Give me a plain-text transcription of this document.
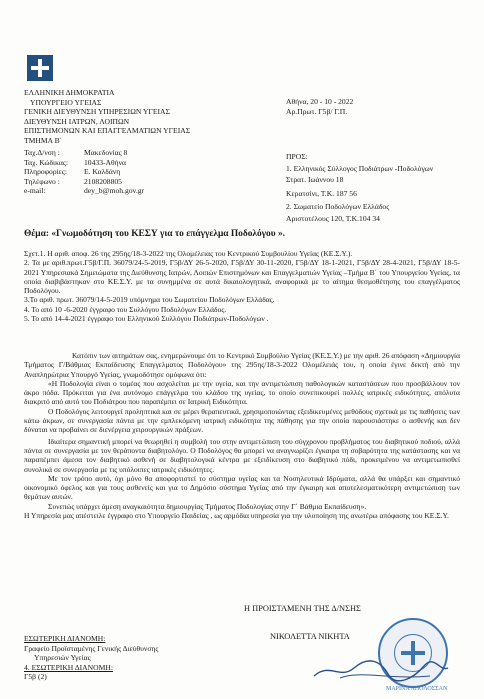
ΕΛΛΗΝΙΚΗ ΔΗΜΟΚΡΑΤΙΑ
ΥΠΟΥΡΓΕΙΟ ΥΓΕΙΑΣ
ΓΕΝΙΚΗ ΔΙΕΥΘΥΝΣΗ ΥΠΗΡΕΣΙΩΝ ΥΓΕΙΑΣ
ΔΙΕΥΘΥΝΣΗ ΙΑΤΡΩΝ, ΛΟΙΠΩΝ
ΕΠΙΣΤΗΜΟΝΩΝ ΚΑΙ ΕΠΑΓΓΕΛΜΑΤΙΩΝ ΥΓΕΙΑΣ
ΤΜΗΜΑ Β΄
Ταχ.Δ/νση :	Μακεδονίας 8
Ταχ. Κώδικας:	10433-Αθήνα
Πληροφορίες:	Ε. Καλδάνη
Τηλέφωνο :	2108208805
e-mail:	dey_b@moh.gov.gr
Αθήνα, 20 - 10 - 2022
Αρ.Πρωτ. Γ5β/ Γ.Π.
ΠΡΟΣ:
1. Ελληνικός Σύλλογος Ποδιάτρων -Ποδολόγων
Στρατ. Ιωάννου 18
Κερατσίνι, Τ.Κ. 187 56
2. Σωματείο Ποδολόγων Ελλάδος
Αριστοτέλους 120, Τ.Κ.104 34
Θέμα: «Γνωμοδότηση του ΚΕΣΥ για το επάγγελμα Ποδολόγου ».
Σχετ.1. Η αριθ. αποφ. 26 της 295ης/18-3-2022 της Ολομέλειας του Κεντρικού Συμβουλίου Υγείας (ΚΕ.Σ.Υ.).
2. Τα με αριθ.πρωτ.Γ5β/Γ.Π. 36079/24-5-2019, Γ5β/ΔΥ 26-5-2020, Γ5β/ΔΥ 30-11-2020, Γ5β/ΔΥ 18-1-2021, Γ5β/ΔΥ 28-4-2021, Γ5β/ΔΥ 18-5-2021 Υπηρεσιακά Σημειώματα της Διεύθυνσης Ιατρών, Λοιπών Επιστημόνων και Επαγγελματιών Υγείας –Τμήμα Β΄ του Υπουργείου Υγείας, τα οποία διαβιβάστηκαν στο ΚΕ.Σ.Υ. με τα συνημμένα σε αυτά δικαιολογητικά, αναφορικά με το αίτημα θεσμοθέτησης του επαγγέλματος Ποδολόγου.
3.Το αριθ. πρωτ. 36079/14-5-2019 υπόμνημα του Σωματείου Ποδολόγων Ελλάδας.
4. Το από 10 -6-2020 έγγραφο του Συλλόγου Ποδολόγων Ελλάδος.
5. Το από 14-4-2021 έγγραφο του Ελληνικού Συλλόγου Ποδιάτρων-Ποδολόγων .
Κατόπιν των αιτημάτων σας, ενημερώνουμε ότι το Κεντρικό Συμβούλιο Υγείας (ΚΕ.Σ.Υ.) με την αριθ. 26 απόφαση «Δημιουργία Τμήματος Γ/Βάθμιας Εκπαίδευσης Επαγγελματος Ποδολόγου» της 295ης/18-3-2022 Ολομέλειάς του, η οποία έγινε δεκτή από την Αναπληρώτρια Υπουργό Υγείας, γνωμοδότησε ομόφωνα ότι:
«Η Ποδολογία είναι ο τομέας που ασχολείται με την υγεία, και την αντιμετώπιση παθολογικών καταστάσεων που προσβάλλουν τον άκρο πόδα. Πρόκειται για ένα αυτόνομο επάγγελμα του κλάδου της υγείας, το οποίο συνεπικουρεί πολλές ιατρικές ειδικότητες, απόλυτα διακριτό από αυτό του Ποδιάτρου που παραπέμπει σε Ιατρική Ειδικότητα.
Ο Ποδολόγος λειτουργεί προληπτικά και σε μέρει θεραπευτικά, χρησιμοποιώντας εξειδικευμένες μεθόδους σχετικά με τις παθήσεις των κάτω άκρων, σε συνεργασία πάντα με την εμπλεκόμενη ιατρική ειδικότητα της πάθησης για την οποία παρουσιάστηκε ο ασθενής και δεν δύναται να προβαίνει σε διενέργεια χειρουργικών πράξεων.
Ιδιαίτερα σημαντική μπορεί να θεωρηθεί η συμβολή του στην αντιμετώπιση του σύγχρονου προβλήματος του διαβητικού ποδιού, αλλά πάντα σε συνεργασία με τον θεράποντα διαβητολόγο. Ο Ποδολόγος θα μπορεί να αναγνωρίζει έγκαιρα τη σοβαρότητα της κατάστασης και να παραπέμπει άμεσα τον διαβητικό ασθενή σε διαβητολογικά κέντρα με εξειδίκευση στο διαβητικό πόδι, προκειμένου να αντιμετωπισθεί συνολικά σε συνεργασία με τις υπόλοιπες ιατρικές ειδικότητες.
Με τον τρόπο αυτό, όχι μόνο θα αποφορτιστεί το σύστημα υγείας και τα Νοσηλευτικά Ιδρύματα, αλλά θα υπάρξει και σημαντικό οικονομικό όφελος και για τους ασθενείς και για το Δημόσιο σύστημα Υγείας από την έγκαιρη και αποτελεσματικότερη αντιμετώπιση των θεμάτων αυτών.
Συνεπώς υπάρχει άμεση αναγκαιότητα δημιουργίας Τμήματος Ποδολογίας στην Γ΄ Βάθμια Εκπαίδευση».
Η Υπηρεσία μας απέστειλε έγγραφο στο Υπουργείο Παιδείας , ως αρμόδια υπηρεσία για την υλοποίηση της ανωτέρω απόφασης του ΚΕ.Σ.Υ.
Η ΠΡΟΙΣΤΑΜΕΝΗ ΤΗΣ Δ/ΝΣΗΣ
ΝΙΚΟΛΕΤΤΑ ΝΙΚΗΤΑ
ΕΣΩΤΕΡΙΚΗ ΔΙΑΝΟΜΗ:
Γραφείο Προϊσταμένης Γενικής Διεύθυνσης
Υπηρεσιών Υγείας
4. ΕΣΩΤΕΡΙΚΗ ΔΙΑΝΟΜΗ:
Γ5β (2)
ΜΑΡΙΝΑ ΑΠΟΛΟΣΣΑΝ
